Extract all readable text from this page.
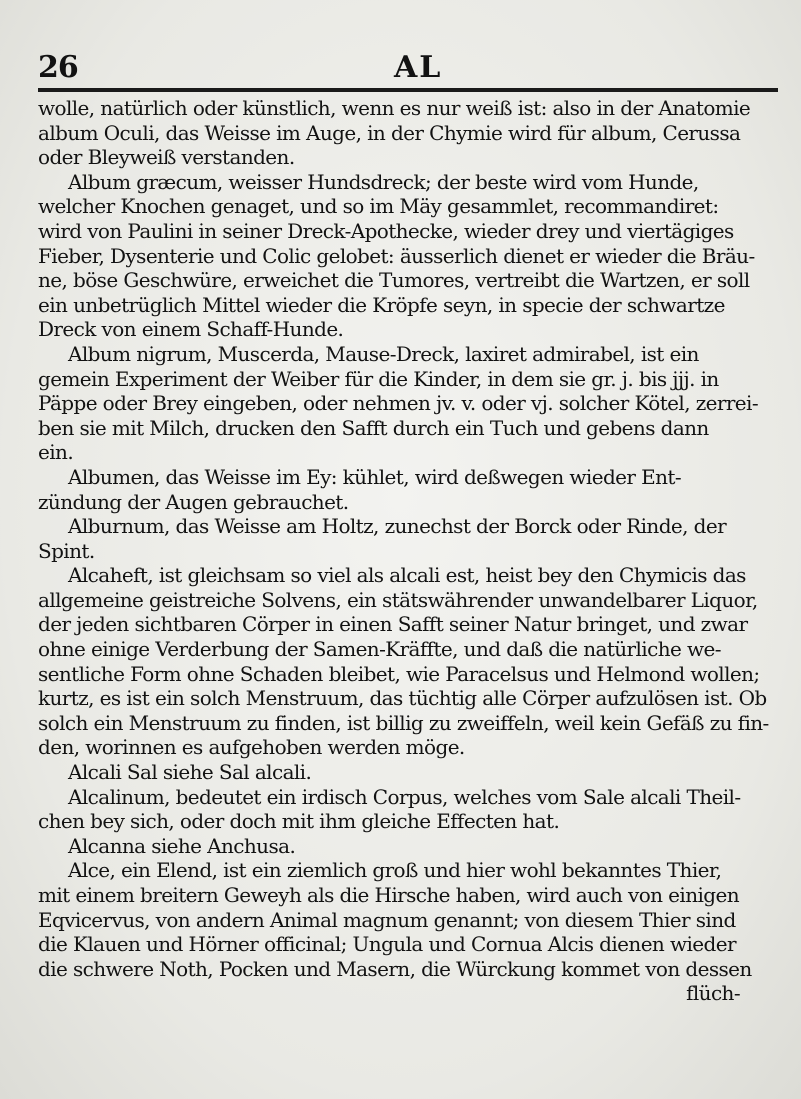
26	AL
wolle, natürlich oder künstlich, wenn es nur weiß ist: also in der Anatomie
album Oculi, das Weisse im Auge, in der Chymie wird für album, Cerussa
oder Bleyweiß verstanden.
Album græcum, weisser Hundsdreck; der beste wird vom Hunde,
welcher Knochen genaget, und so im Mäy gesammlet, recommandiret:
wird von Paulini in seiner Dreck-Apothecke, wieder drey und viertägiges
Fieber, Dysenterie und Colic gelobet: äusserlich dienet er wieder die Bräu-
ne, böse Geschwüre, erweichet die Tumores, vertreibt die Wartzen, er soll
ein unbetrüglich Mittel wieder die Kröpfe seyn, in specie der schwartze
Dreck von einem Schaff-Hunde.
Album nigrum, Muscerda, Mause-Dreck, laxiret admirabel, ist ein
gemein Experiment der Weiber für die Kinder, in dem sie gr. j. bis jjj. in
Päppe oder Brey eingeben, oder nehmen jv. v. oder vj. solcher Kötel, zerrei-
ben sie mit Milch, drucken den Safft durch ein Tuch und gebens dann
ein.
Albumen, das Weisse im Ey: kühlet, wird deßwegen wieder Ent-
zündung der Augen gebrauchet.
Alburnum, das Weisse am Holtz, zunechst der Borck oder Rinde, der
Spint.
Alcaheft, ist gleichsam so viel als alcali est, heist bey den Chymicis das
allgemeine geistreiche Solvens, ein stätswährender unwandelbarer Liquor,
der jeden sichtbaren Cörper in einen Safft seiner Natur bringet, und zwar
ohne einige Verderbung der Samen-Kräffte, und daß die natürliche we-
sentliche Form ohne Schaden bleibet, wie Paracelsus und Helmond wollen;
kurtz, es ist ein solch Menstruum, das tüchtig alle Cörper aufzulösen ist. Ob
solch ein Menstruum zu finden, ist billig zu zweiffeln, weil kein Gefäß zu fin-
den, worinnen es aufgehoben werden möge.
Alcali Sal siehe Sal alcali.
Alcalinum, bedeutet ein irdisch Corpus, welches vom Sale alcali Theil-
chen bey sich, oder doch mit ihm gleiche Effecten hat.
Alcanna siehe Anchusa.
Alce, ein Elend, ist ein ziemlich groß und hier wohl bekanntes Thier,
mit einem breitern Geweyh als die Hirsche haben, wird auch von einigen
Eqvicervus, von andern Animal magnum genannt; von diesem Thier sind
die Klauen und Hörner officinal; Ungula und Cornua Alcis dienen wieder
die schwere Noth, Pocken und Masern, die Würckung kommet von dessen
flüch-
